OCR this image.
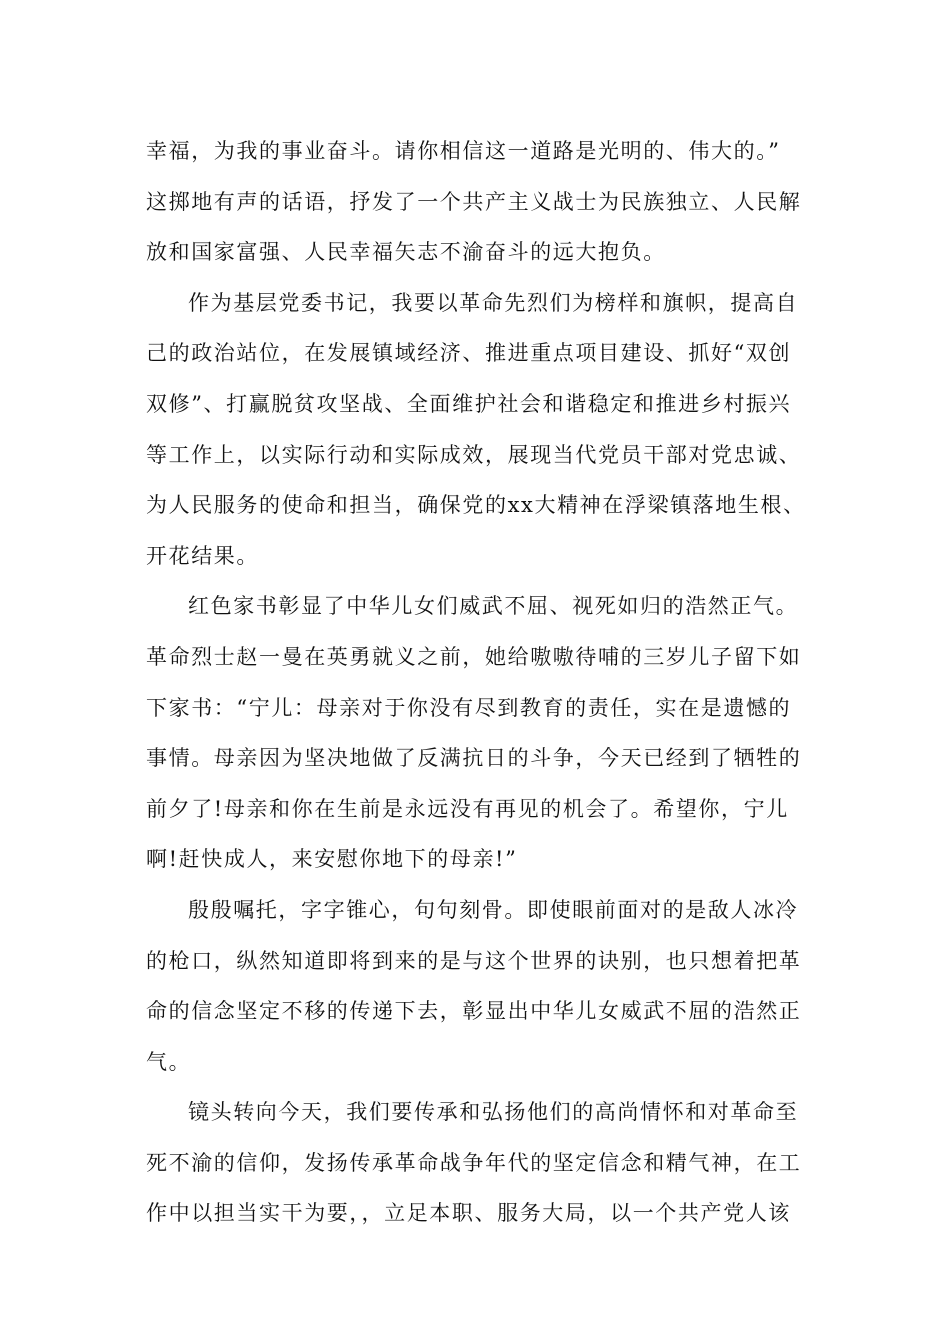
幸福，为我的事业奋斗。请你相信这一道路是光明的、伟大的。”
这掷地有声的话语，抒发了一个共产主义战士为民族独立、人民解
放和国家富强、人民幸福矢志不渝奋斗的远大抱负。

作为基层党委书记，我要以革命先烈们为榜样和旗帜，提高自
己的政治站位，在发展镇域经济、推进重点项目建设、抓好“双创
双修”、打赢脱贫攻坚战、全面维护社会和谐稳定和推进乡村振兴
等工作上，以实际行动和实际成效，展现当代党员干部对党忠诚、
为人民服务的使命和担当，确保党的xx大精神在浮梁镇落地生根、
开花结果。

红色家书彰显了中华儿女们威武不屈、视死如归的浩然正气。
革命烈士赵一曼在英勇就义之前，她给嗷嗷待哺的三岁儿子留下如
下家书：“宁儿：母亲对于你没有尽到教育的责任，实在是遗憾的
事情。母亲因为坚决地做了反满抗日的斗争，今天已经到了牺牲的
前夕了!母亲和你在生前是永远没有再见的机会了。希望你，宁儿
啊!赶快成人，来安慰你地下的母亲!”

殷殷嘱托，字字锥心，句句刻骨。即使眼前面对的是敌人冰冷
的枪口，纵然知道即将到来的是与这个世界的诀别，也只想着把革
命的信念坚定不移的传递下去，彰显出中华儿女威武不屈的浩然正
气。

镜头转向今天，我们要传承和弘扬他们的高尚情怀和对革命至
死不渝的信仰，发扬传承革命战争年代的坚定信念和精气神，在工
作中以担当实干为要，，立足本职、服务大局，以一个共产党人该
